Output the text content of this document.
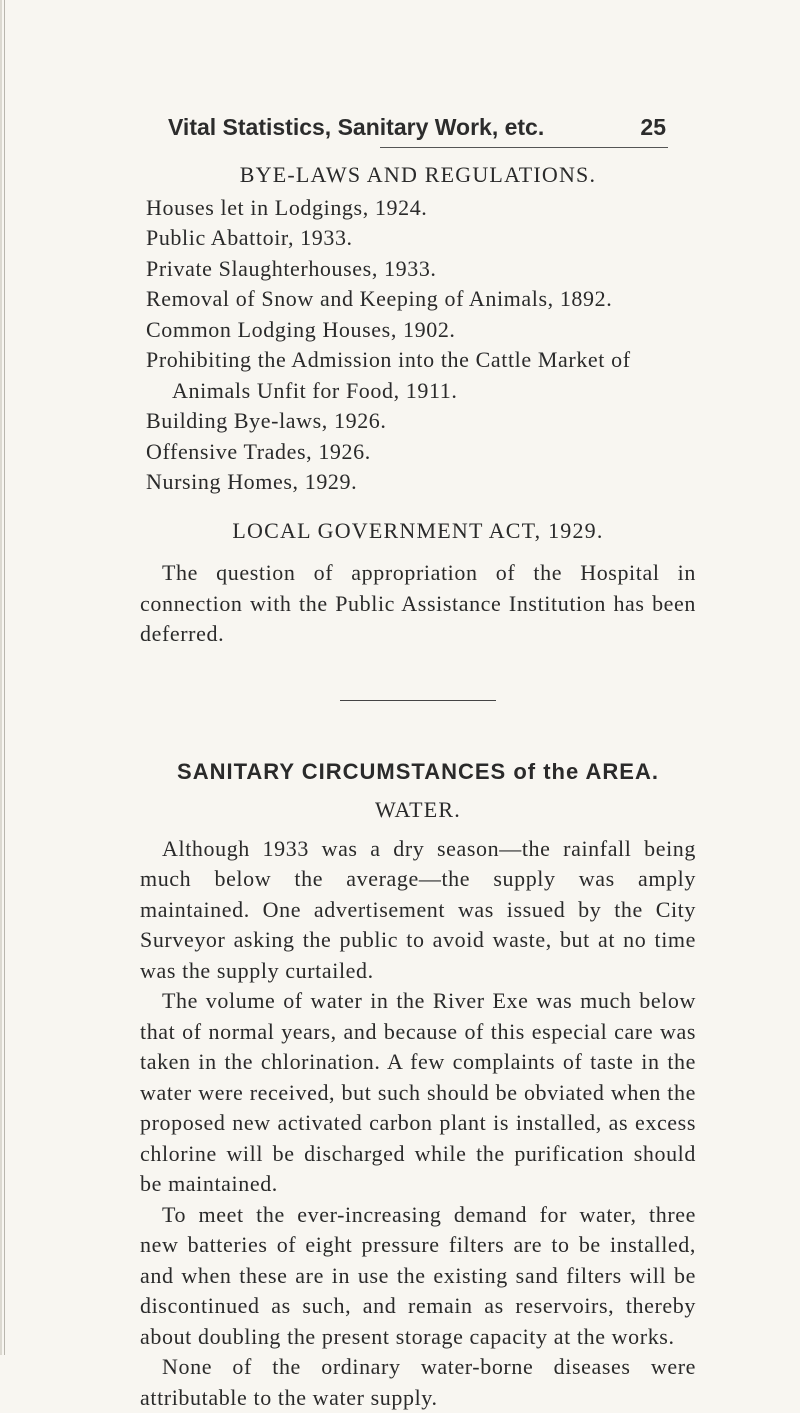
Vital Statistics, Sanitary Work, etc.	25
BYE-LAWS AND REGULATIONS.
Houses let in Lodgings, 1924.
Public Abattoir, 1933.
Private Slaughterhouses, 1933.
Removal of Snow and Keeping of Animals, 1892.
Common Lodging Houses, 1902.
Prohibiting the Admission into the Cattle Market of Animals Unfit for Food, 1911.
Building Bye-laws, 1926.
Offensive Trades, 1926.
Nursing Homes, 1929.
LOCAL GOVERNMENT ACT, 1929.

The question of appropriation of the Hospital in connection with the Public Assistance Institution has been deferred.

SANITARY CIRCUMSTANCES of the AREA.
WATER.

Although 1933 was a dry season—the rainfall being much below the average—the supply was amply maintained. One advertisement was issued by the City Surveyor asking the public to avoid waste, but at no time was the supply curtailed.

The volume of water in the River Exe was much below that of normal years, and because of this especial care was taken in the chlorination. A few complaints of taste in the water were received, but such should be obviated when the proposed new activated carbon plant is installed, as excess chlorine will be discharged while the purification should be maintained.

To meet the ever-increasing demand for water, three new batteries of eight pressure filters are to be installed, and when these are in use the existing sand filters will be discontinued as such, and remain as reservoirs, thereby about doubling the present storage capacity at the works.

None of the ordinary water-borne diseases were attributable to the water supply.
